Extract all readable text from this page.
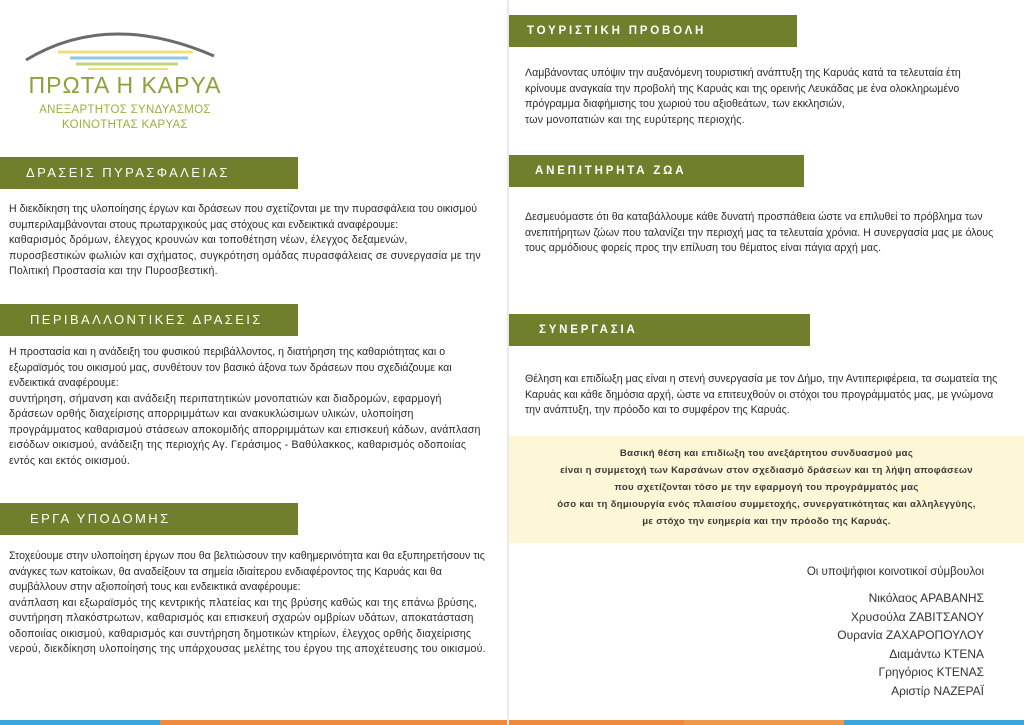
ΠΡΩΤΑ Η ΚΑΡΥΑ
ΑΝΕΞΑΡΤΗΤΟΣ ΣΥΝΔΥΑΣΜΟΣ
ΚΟΙΝΟΤΗΤΑΣ ΚΑΡΥΑΣ
ΔΡΑΣΕΙΣ ΠΥΡΑΣΦΑΛΕΙΑΣ

Η διεκδίκηση της υλοποίησης έργων και δράσεων που σχετίζονται με την πυρασφάλεια του οικισμού συμπεριλαμβάνονται στους πρωταρχικούς μας στόχους και ενδεικτικά αναφέρουμε:
καθαρισμός δρόμων, έλεγχος κρουνών και τοποθέτηση νέων, έλεγχος δεξαμενών, πυροσβεστικών φωλιών και σχήματος, συγκρότηση ομάδας πυρασφάλειας σε συνεργασία με την Πολιτική Προστασία και την Πυροσβεστική.

ΠΕΡΙΒΑΛΛΟΝΤΙΚΕΣ ΔΡΑΣΕΙΣ

Η προστασία και η ανάδειξη του φυσικού περιβάλλοντος, η διατήρηση της καθαριότητας και ο εξωραϊσμός του οικισμού μας, συνθέτουν τον βασικό άξονα των δράσεων που σχεδιάζουμε και ενδεικτικά αναφέρουμε:
συντήρηση, σήμανση και ανάδειξη περιπατητικών μονοπατιών και διαδρομών, εφαρμογή δράσεων ορθής διαχείρισης απορριμμάτων και ανακυκλώσιμων υλικών, υλοποίηση προγράμματος καθαρισμού στάσεων αποκομιδής απορριμμάτων και επισκευή κάδων, ανάπλαση εισόδων οικισμού, ανάδειξη της περιοχής Αγ. Γεράσιμος - Βαθύλακκος, καθαρισμός οδοποιίας εντός και εκτός οικισμού.

ΕΡΓΑ ΥΠΟΔΟΜΗΣ

Στοχεύουμε στην υλοποίηση έργων που θα βελτιώσουν την καθημερινότητα και θα εξυπηρετήσουν τις ανάγκες των κατοίκων, θα αναδείξουν τα σημεία ιδιαίτερου ενδιαφέροντος της Καρυάς και θα συμβάλλουν στην αξιοποίησή τους και ενδεικτικά αναφέρουμε:
ανάπλαση και εξωραϊσμός της κεντρικής πλατείας και της βρύσης καθώς και της επάνω βρύσης, συντήρηση πλακόστρωτων, καθαρισμός και επισκευή σχαρών ομβρίων υδάτων, αποκατάσταση οδοποιίας οικισμού, καθαρισμός και συντήρηση δημοτικών κτηρίων, έλεγχος ορθής διαχείρισης νερού, διεκδίκηση υλοποίησης της υπάρχουσας μελέτης του έργου της αποχέτευσης του οικισμού.

ΤΟΥΡΙΣΤΙΚΗ ΠΡΟΒΟΛΗ

Λαμβάνοντας υπόψιν την αυξανόμενη τουριστική ανάπτυξη της Καρυάς κατά τα τελευταία έτη κρίνουμε αναγκαία την προβολή της Καρυάς και της ορεινής Λευκάδας με ένα ολοκληρωμένο πρόγραμμα διαφήμισης του χωριού του αξιοθεάτων, των εκκλησιών,
των μονοπατιών και της ευρύτερης περιοχής.

ΑΝΕΠΙΤΗΡΗΤΑ ΖΩΑ

Δεσμευόμαστε ότι θα καταβάλλουμε κάθε δυνατή προσπάθεια ώστε να επιλυθεί το πρόβλημα των ανεπιτήρητων ζώων που ταλανίζει την περιοχή μας τα τελευταία χρόνια. Η συνεργασία μας με όλους τους αρμόδιους φορείς προς την επίλυση του θέματος είναι πάγια αρχή μας.

ΣΥΝΕΡΓΑΣΙΑ

Θέληση και επιδίωξη μας είναι η στενή συνεργασία με τον Δήμο, την Αντιπεριφέρεια, τα σωματεία της Καρυάς και κάθε δημόσια αρχή, ώστε να επιτευχθούν οι στόχοι του προγράμματός μας, με γνώμονα την ανάπτυξη, την πρόοδο και το συμφέρον της Καρυάς.

Βασική θέση και επιδίωξη του ανεξάρτητου συνδυασμού μας
είναι η συμμετοχή των Καρσάνων στον σχεδιασμό δράσεων και τη λήψη αποφάσεων
που σχετίζονται τόσο με την εφαρμογή του προγράμματός μας
όσο και τη δημιουργία ενός πλαισίου συμμετοχής, συνεργατικότητας και αλληλεγγύης,
με στόχο την ευημερία και την πρόοδο της Καρυάς.
Οι υποψήφιοι κοινοτικοί σύμβουλοι
Νικόλαος ΑΡΑΒΑΝΗΣ
Χρυσούλα ΖΑΒΙΤΣΑΝΟΥ
Ουρανία ΖΑΧΑΡΟΠΟΥΛΟΥ
Διαμάντω ΚΤΕΝΑ
Γρηγόριος ΚΤΕΝΑΣ
Αριστίρ ΝΑΖΕΡΑΪ
